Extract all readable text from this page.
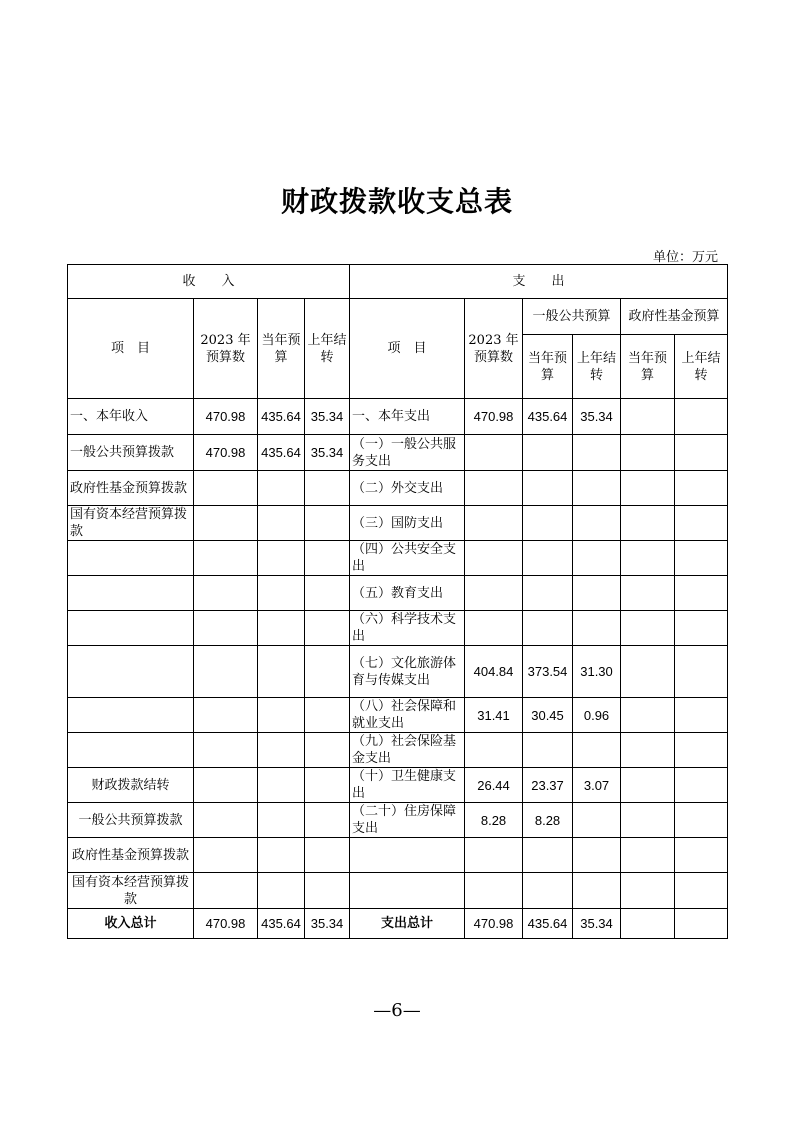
财政拨款收支总表
单位：万元
收　　入				支　　出					
项　目	2023 年预算数	当年预算	上年结转	项　目	2023 年预算数	一般公共预算		政府性基金预算	
						当年预算	上年结转	当年预算	上年结转
一、本年收入	470.98	435.64	35.34	一、本年支出	470.98	435.64	35.34		
一般公共预算拨款	470.98	435.64	35.34	（一）一般公共服务支出					
政府性基金预算拨款				（二）外交支出					
国有资本经营预算拨款				（三）国防支出					
				（四）公共安全支出					
				（五）教育支出					
				（六）科学技术支出					
				（七）文化旅游体育与传媒支出	404.84	373.54	31.30		
				（八）社会保障和就业支出	31.41	30.45	0.96		
				（九）社会保险基金支出					
财政拨款结转				（十）卫生健康支出	26.44	23.37	3.07		
一般公共预算拨款				（二十）住房保障支出	8.28	8.28			
政府性基金预算拨款									
国有资本经营预算拨款									
收入总计	470.98	435.64	35.34	支出总计	470.98	435.64	35.34		
—6—
